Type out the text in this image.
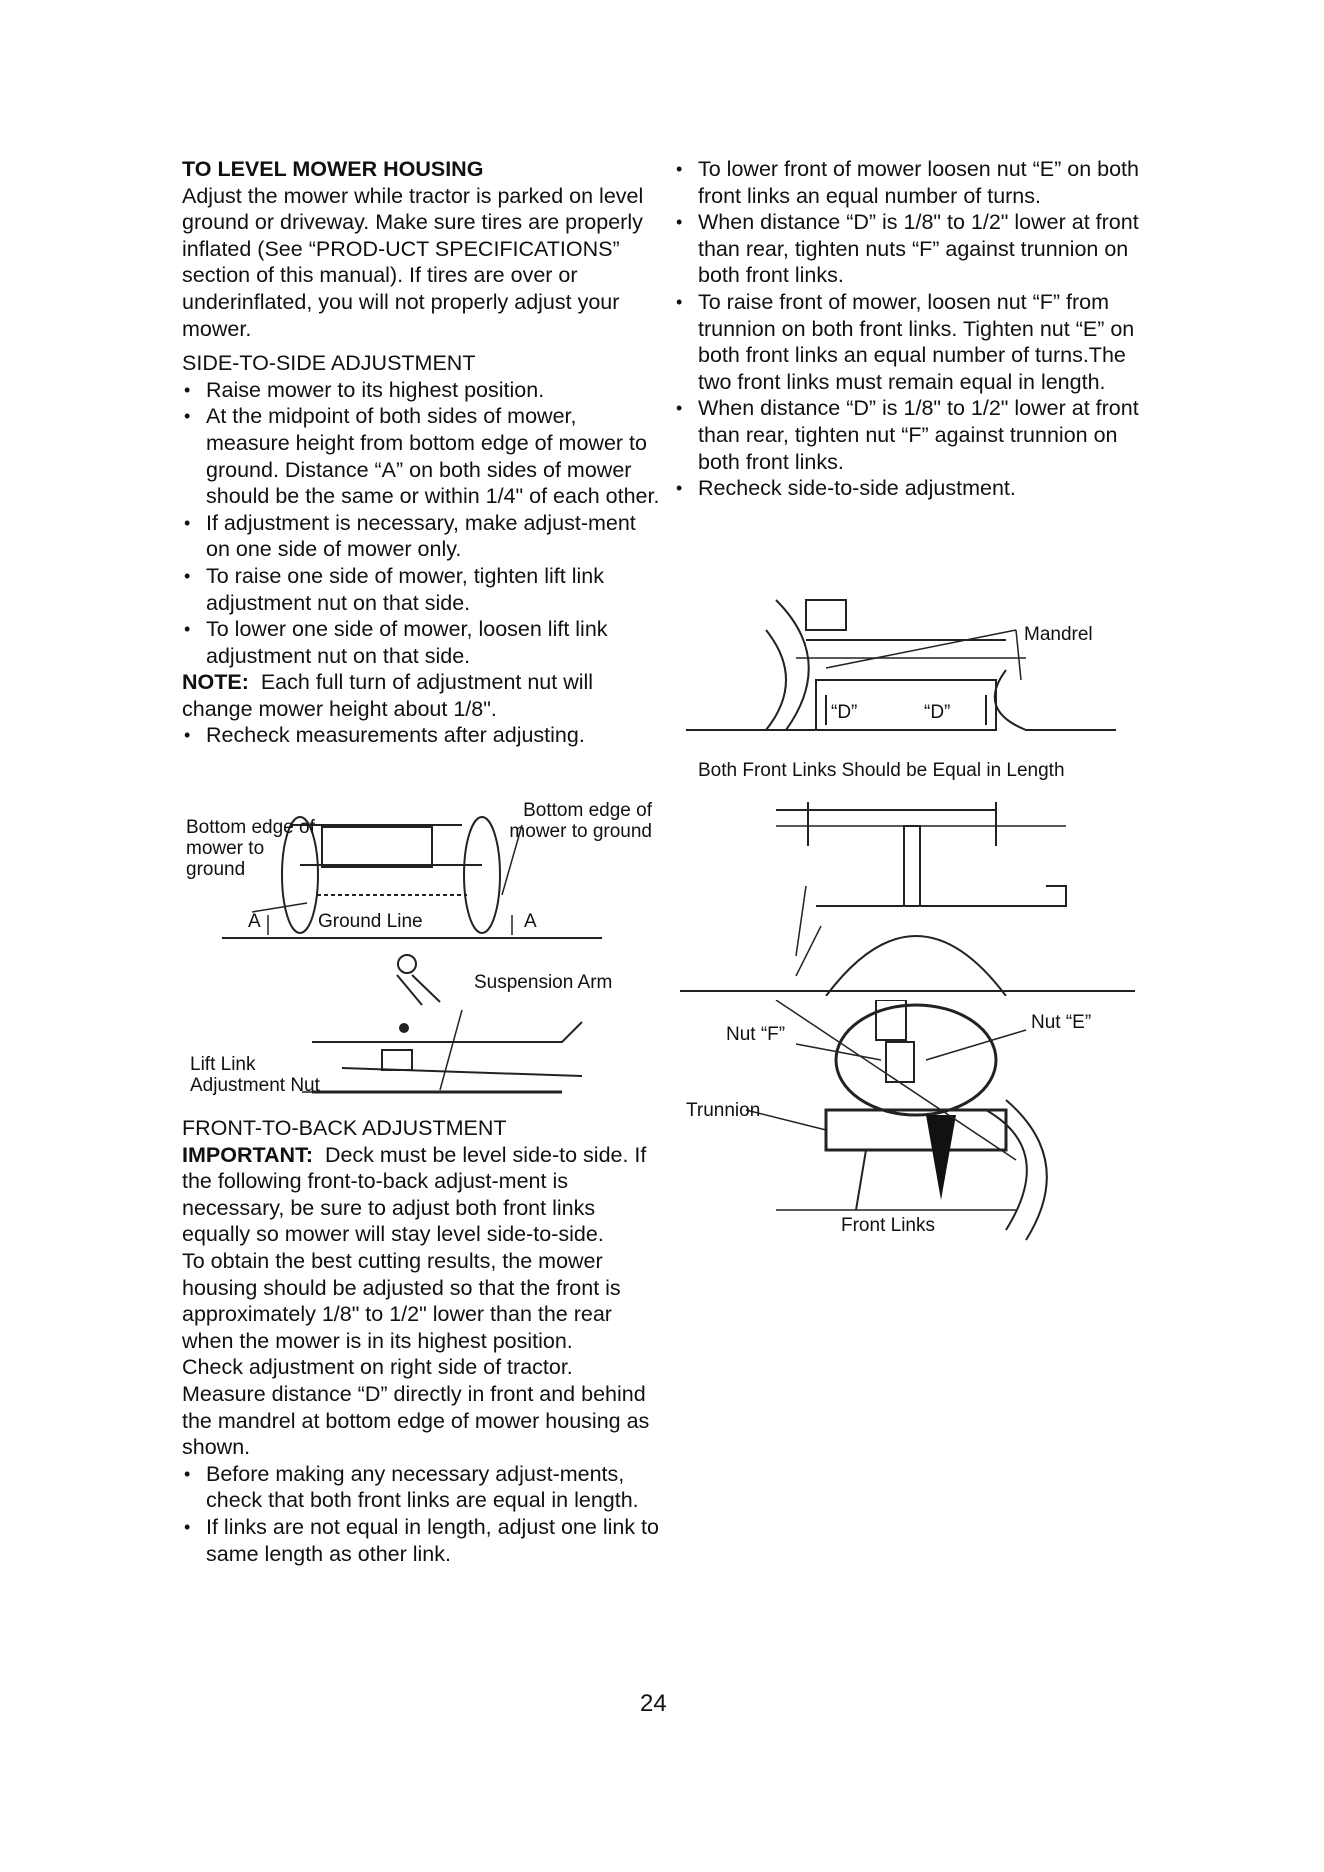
TO LEVEL MOWER HOUSING

Adjust the mower while tractor is parked on level ground or driveway. Make sure tires are properly inflated (See “PROD-UCT SPECIFICATIONS” section of this manual). If tires are over or underinflated, you will not properly adjust your mower.

SIDE-TO-SIDE ADJUSTMENT

• Raise mower to its highest position.
• At the midpoint of both sides of mower, measure height from bottom edge of mower to ground. Distance “A” on both sides of mower should be the same or within 1/4" of each other.
• If adjustment is necessary, make adjust-ment on one side of mower only.
• To raise one side of mower, tighten lift link adjustment nut on that side.
• To lower one side of mower, loosen lift link adjustment nut on that side.

NOTE: Each full turn of adjustment nut will change mower height about 1/8".

• Recheck measurements after adjusting.
Bottom edge of mower to ground
Bottom edge of mower to ground
Ground Line
A	A
Suspension Arm
Lift Link Adjustment Nut

FRONT-TO-BACK ADJUSTMENT

IMPORTANT: Deck must be level side-to side. If the following front-to-back adjust-ment is necessary, be sure to adjust both front links equally so mower will stay level side-to-side.

To obtain the best cutting results, the mower housing should be adjusted so that the front is approximately 1/8" to 1/2" lower than the rear when the mower is in its highest position.

Check adjustment on right side of tractor. Measure distance “D” directly in front and behind the mandrel at bottom edge of mower housing as shown.

• Before making any necessary adjust-ments, check that both front links are equal in length.
• If links are not equal in length, adjust one link to same length as other link.
• To lower front of mower loosen nut “E” on both front links an equal number of turns.
• When distance “D” is 1/8" to 1/2" lower at front than rear, tighten nuts “F” against trunnion on both front links.
• To raise front of mower, loosen nut “F” from trunnion on both front links. Tighten nut “E” on both front links an equal number of turns.The two front links must remain equal in length.
• When distance “D” is 1/8" to 1/2" lower at front than rear, tighten nut “F” against trunnion on both front links.
• Recheck side-to-side adjustment.
Mandrel
“D”	“D”
Both Front Links Should be Equal in Length
Nut “F”
Nut “E”
Trunnion
Front Links
24
